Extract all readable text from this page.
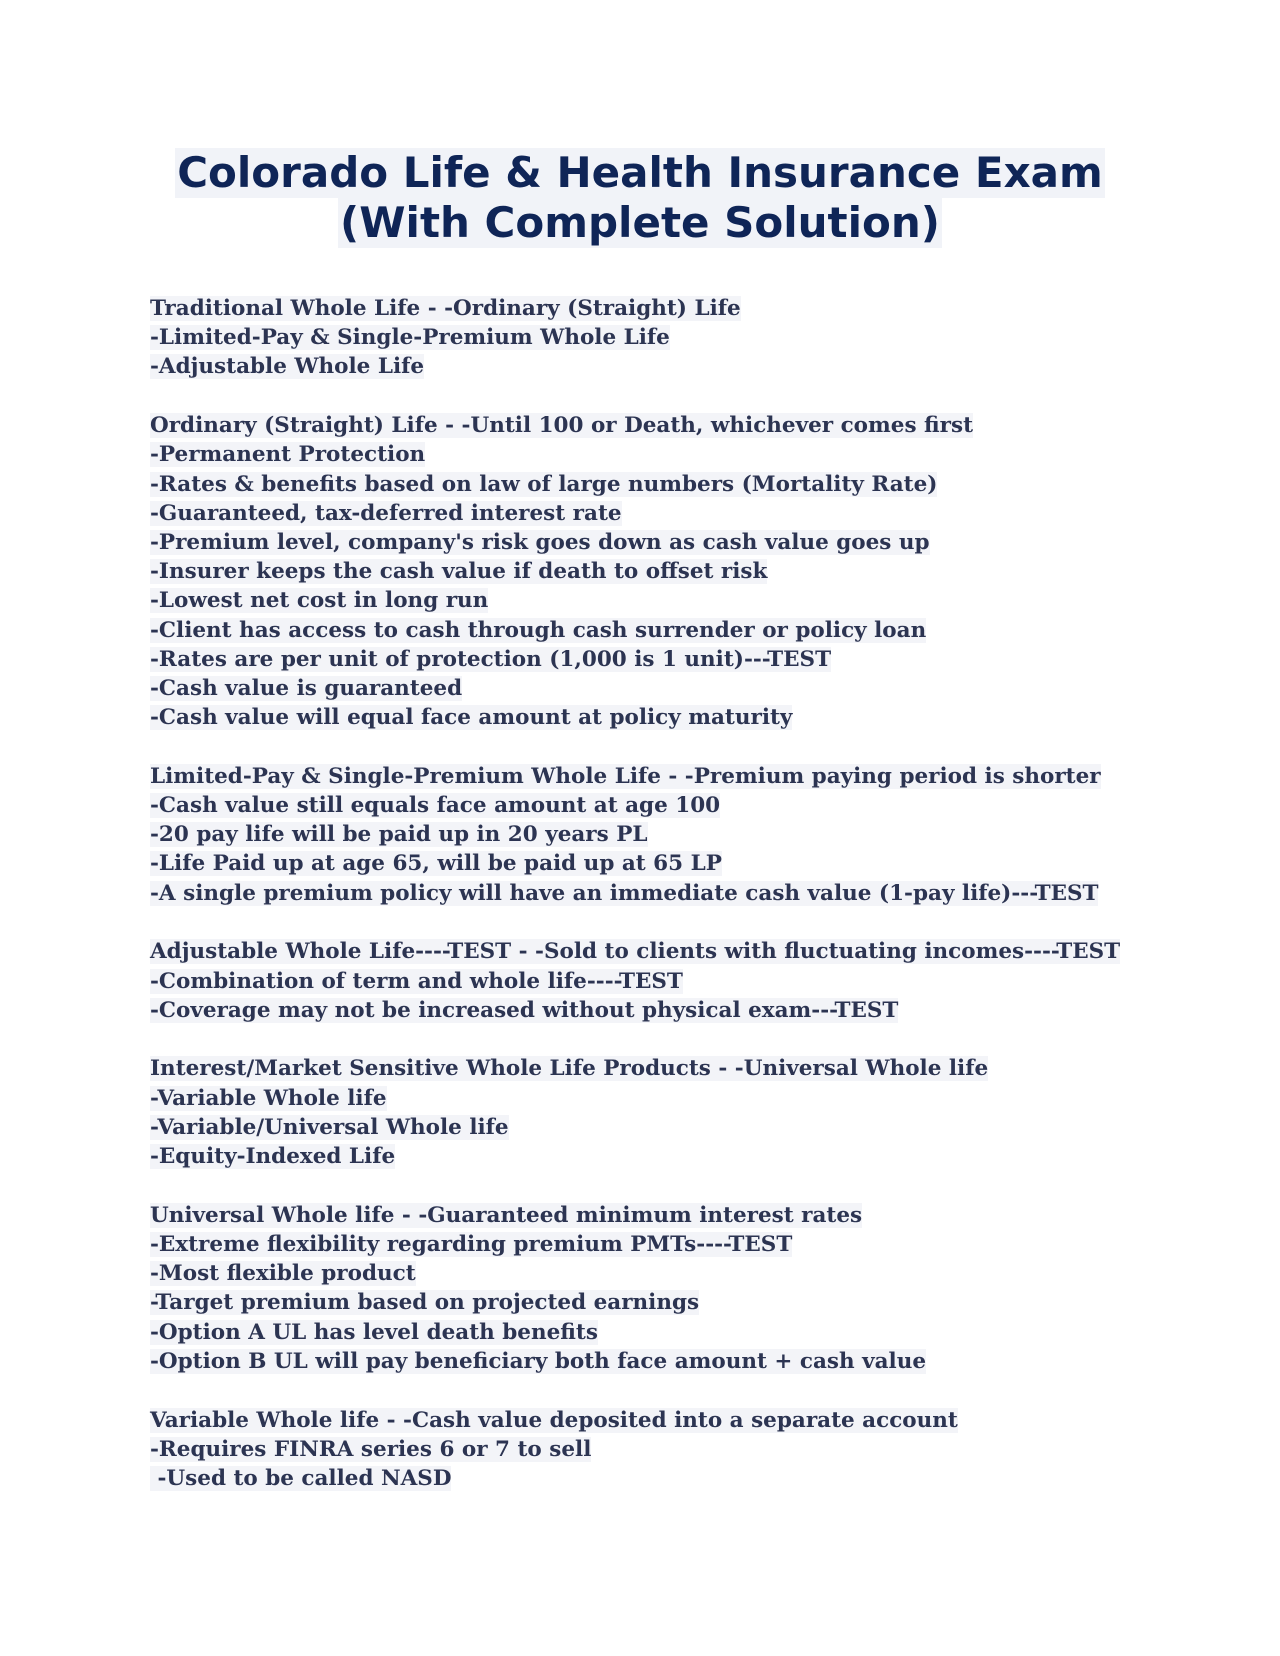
Colorado Life & Health Insurance Exam
(With Complete Solution)
Traditional Whole Life - -Ordinary (Straight) Life
-Limited-Pay & Single-Premium Whole Life
-Adjustable Whole Life
Ordinary (Straight) Life - -Until 100 or Death, whichever comes first
-Permanent Protection
-Rates & benefits based on law of large numbers (Mortality Rate)
-Guaranteed, tax-deferred interest rate
-Premium level, company's risk goes down as cash value goes up
-Insurer keeps the cash value if death to offset risk
-Lowest net cost in long run
-Client has access to cash through cash surrender or policy loan
-Rates are per unit of protection (1,000 is 1 unit)---TEST
-Cash value is guaranteed
-Cash value will equal face amount at policy maturity
Limited-Pay & Single-Premium Whole Life - -Premium paying period is shorter
-Cash value still equals face amount at age 100
-20 pay life will be paid up in 20 years PL
-Life Paid up at age 65, will be paid up at 65 LP
-A single premium policy will have an immediate cash value (1-pay life)---TEST
Adjustable Whole Life----TEST - -Sold to clients with fluctuating incomes----TEST
-Combination of term and whole life----TEST
-Coverage may not be increased without physical exam---TEST
Interest/Market Sensitive Whole Life Products - -Universal Whole life
-Variable Whole life
-Variable/Universal Whole life
-Equity-Indexed Life
Universal Whole life - -Guaranteed minimum interest rates
-Extreme flexibility regarding premium PMTs----TEST
-Most flexible product
-Target premium based on projected earnings
-Option A UL has level death benefits
-Option B UL will pay beneficiary both face amount + cash value
Variable Whole life - -Cash value deposited into a separate account
-Requires FINRA series 6 or 7 to sell
-Used to be called NASD
